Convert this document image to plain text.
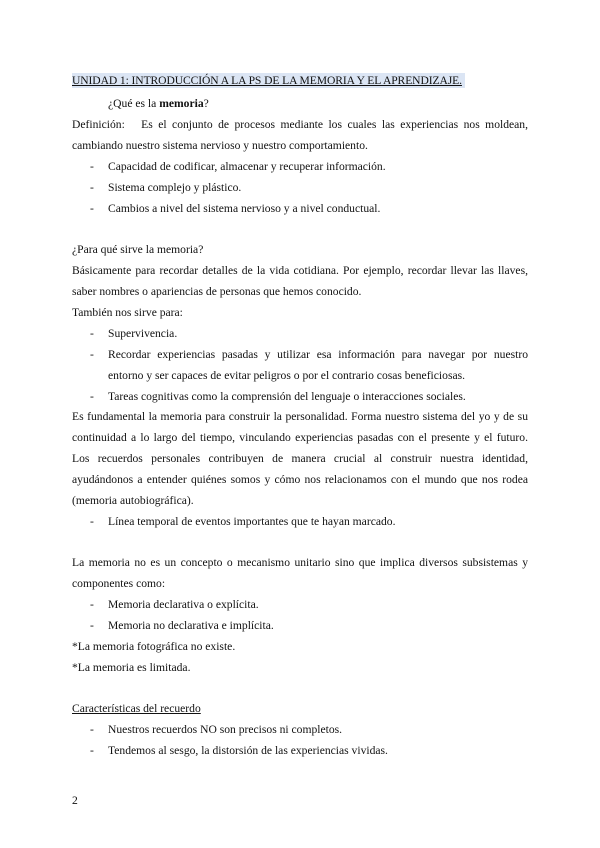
UNIDAD 1: INTRODUCCIÓN A LA PS DE LA MEMORIA Y EL APRENDIZAJE.

¿Qué es la memoria?

Definición:   Es el conjunto de procesos mediante los cuales las experiencias nos moldean, cambiando nuestro sistema nervioso y nuestro comportamiento.

- Capacidad de codificar, almacenar y recuperar información.
- Sistema complejo y plástico.
- Cambios a nivel del sistema nervioso y a nivel conductual.

¿Para qué sirve la memoria?

Básicamente para recordar detalles de la vida cotidiana. Por ejemplo, recordar llevar las llaves, saber nombres o apariencias de personas que hemos conocido.

También nos sirve para:

- Supervivencia.
- Recordar experiencias pasadas y utilizar esa información para navegar por nuestro entorno y ser capaces de evitar peligros o por el contrario cosas beneficiosas.
- Tareas cognitivas como la comprensión del lenguaje o interacciones sociales.

Es fundamental la memoria para construir la personalidad. Forma nuestro sistema del yo y de su continuidad a lo largo del tiempo, vinculando experiencias pasadas con el presente y el futuro. Los recuerdos personales contribuyen de manera crucial al construir nuestra identidad, ayudándonos a entender quiénes somos y cómo nos relacionamos con el mundo que nos rodea (memoria autobiográfica).

- Línea temporal de eventos importantes que te hayan marcado.

La memoria no es un concepto o mecanismo unitario sino que implica diversos subsistemas y componentes como:

- Memoria declarativa o explícita.
- Memoria no declarativa e implícita.

*La memoria fotográfica no existe.

*La memoria es limitada.

Características del recuerdo

- Nuestros recuerdos NO son precisos ni completos.
- Tendemos al sesgo, la distorsión de las experiencias vividas.
2
